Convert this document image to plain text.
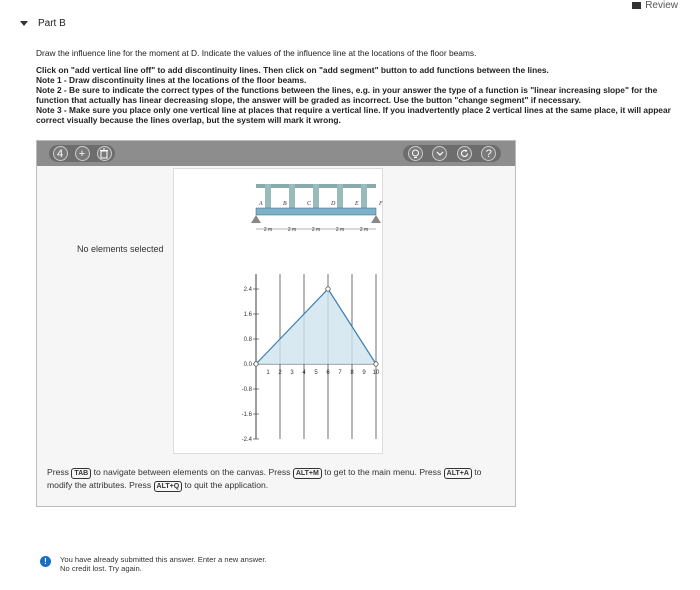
Review
Part B

Draw the influence line for the moment at D. Indicate the values of the influence line at the locations of the floor beams.

Click on "add vertical line off" to add discontinuity lines. Then click on "add segment" button to add functions between the lines.

Note 1 - Draw discontinuity lines at the locations of the floor beams.

Note 2 - Be sure to indicate the correct types of the functions between the lines, e.g. in your answer the type of a function is "linear increasing slope" for the function that actually has linear decreasing slope, the answer will be graded as incorrect. Use the button "change segment" if necessary.

Note 3 - Make sure you place only one vertical line at places that require a vertical line. If you inadvertently place 2 vertical lines at the same place, it will appear correct visually because the lines overlap, but the system will mark it wrong.

4	+	?
No elements selected
A	B	C	D	E	F
2 m	2 m	2 m	2 m	2 m
1 2 3 4 5 6 7 8 9 10
2.4
1.6
0.8
0.0
-0.8
-1.6
-2.4
Press TAB to navigate between elements on the canvas. Press ALT+M to get to the main menu. Press ALT+A to modify the attributes. Press ALT+Q to quit the application.
!	You have already submitted this answer. Enter a new answer.
No credit lost. Try again.
